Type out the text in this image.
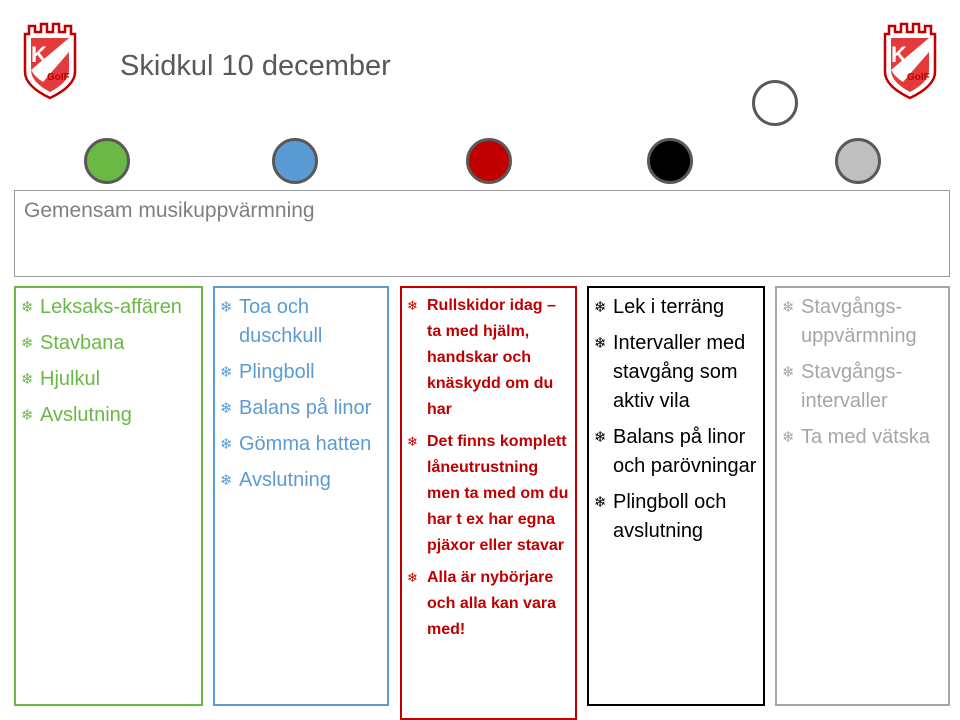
K
GoIF
K
GoIF
Skidkul 10 december
Gemensam musikuppvärmning
❄ Leksaks-affären
❄ Stavbana
❄ Hjulkul
❄ Avslutning
❄ Toa och duschkull
❄ Plingboll
❄ Balans på linor
❄ Gömma hatten
❄ Avslutning
❄ Rullskidor idag – ta med hjälm, handskar och knäskydd om du har
❄ Det finns komplett låneutrustning men ta med om du har t ex har egna pjäxor eller stavar
❄ Alla är nybörjare och alla kan vara med!
❄ Lek i terräng
❄ Intervaller med stavgång som aktiv vila
❄ Balans på linor och parövningar
❄ Plingboll och avslutning
❄ Stavgångs-uppvärmning
❄ Stavgångs-intervaller
❄ Ta med vätska
